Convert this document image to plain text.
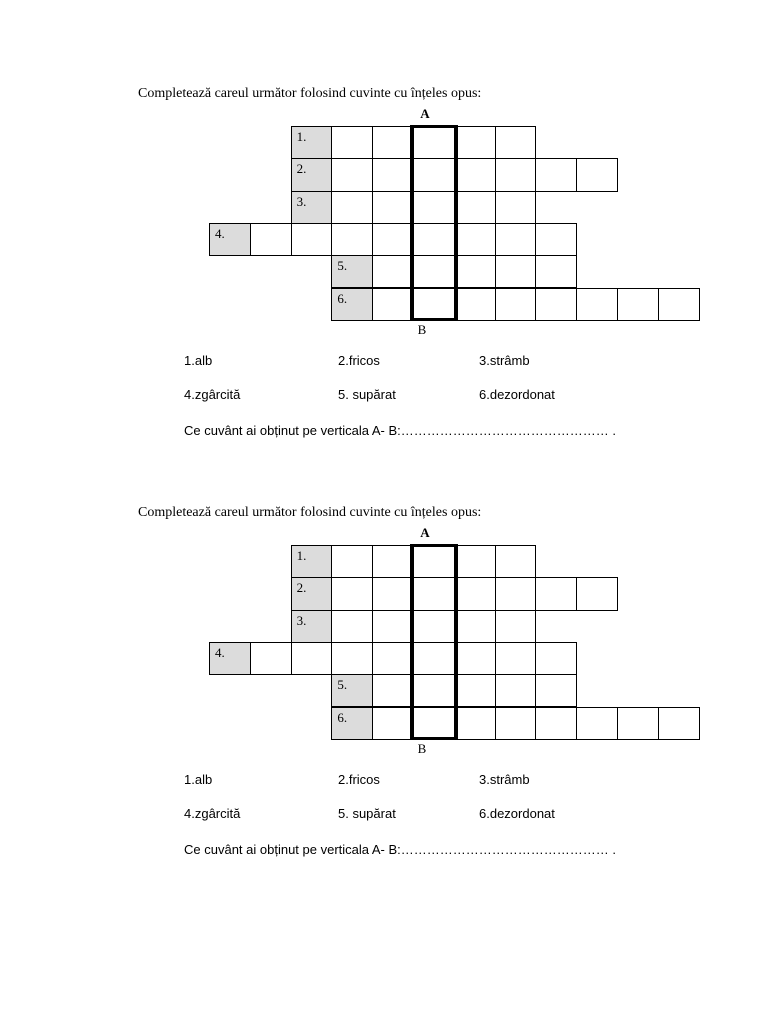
Completează careul următor folosind cuvinte cu înțeles opus:
A
B
1.
2.
3.
4.
5.
6.
1.alb	2.fricos	3.strâmb
4.zgârcită	5. supărat	6.dezordonat
Ce cuvânt ai obținut pe verticala A- B:………………………………………… .
Completează careul următor folosind cuvinte cu înțeles opus:
A
B
1.
2.
3.
4.
5.
6.
1.alb	2.fricos	3.strâmb
4.zgârcită	5. supărat	6.dezordonat
Ce cuvânt ai obținut pe verticala A- B:………………………………………… .
